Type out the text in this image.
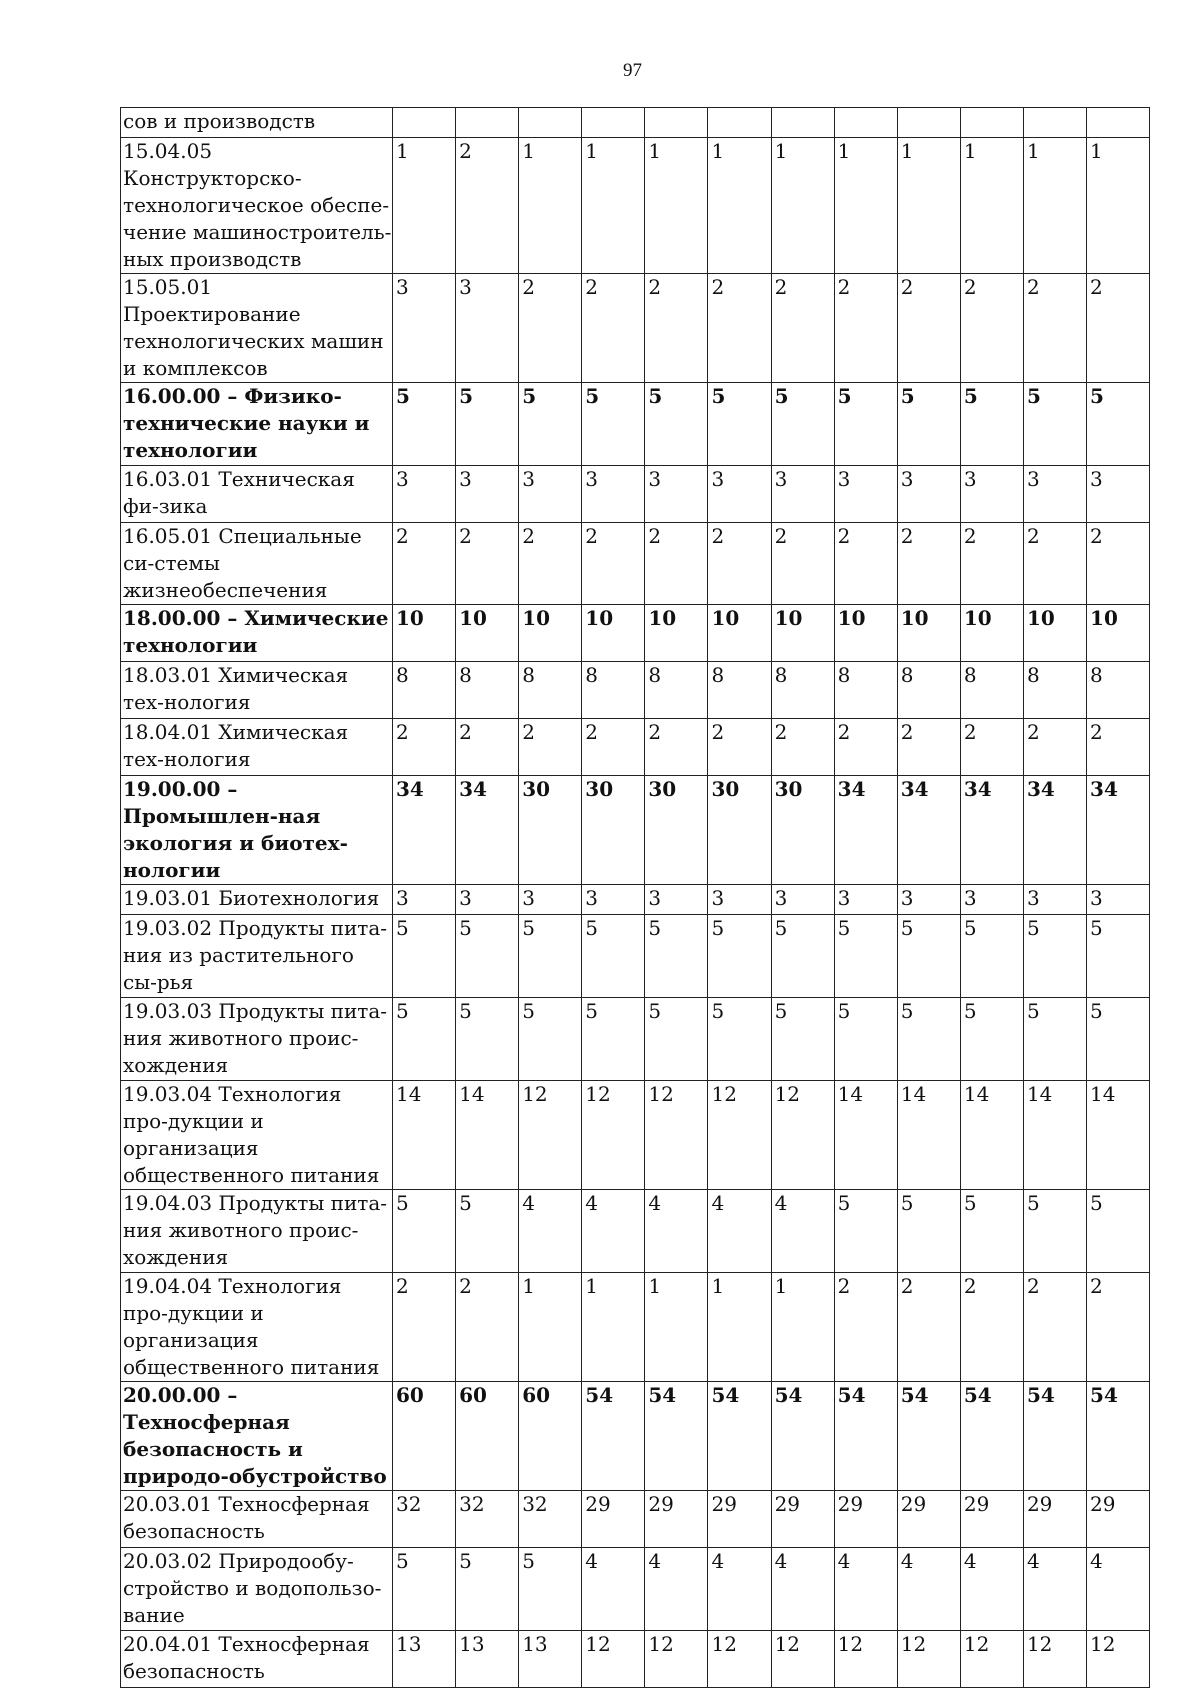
97
сов и производств												
15.04.05 Конструкторско-технологическое обеспе-чение машиностроитель-ных производств	1	2	1	1	1	1	1	1	1	1	1	1
15.05.01 Проектирование технологических машин и комплексов	3	3	2	2	2	2	2	2	2	2	2	2
16.00.00 – Физико-технические науки и технологии	5	5	5	5	5	5	5	5	5	5	5	5
16.03.01 Техническая фи-зика	3	3	3	3	3	3	3	3	3	3	3	3
16.05.01 Специальные си-стемы жизнеобеспечения	2	2	2	2	2	2	2	2	2	2	2	2
18.00.00 – Химические технологии	10	10	10	10	10	10	10	10	10	10	10	10
18.03.01 Химическая тех-нология	8	8	8	8	8	8	8	8	8	8	8	8
18.04.01 Химическая тех-нология	2	2	2	2	2	2	2	2	2	2	2	2
19.00.00 – Промышлен-ная экология и биотех-нологии	34	34	30	30	30	30	30	34	34	34	34	34
19.03.01 Биотехнология	3	3	3	3	3	3	3	3	3	3	3	3
19.03.02 Продукты пита-ния из растительного сы-рья	5	5	5	5	5	5	5	5	5	5	5	5
19.03.03 Продукты пита-ния животного проис-хождения	5	5	5	5	5	5	5	5	5	5	5	5
19.03.04 Технология про-дукции и организация общественного питания	14	14	12	12	12	12	12	14	14	14	14	14
19.04.03 Продукты пита-ния животного проис-хождения	5	5	4	4	4	4	4	5	5	5	5	5
19.04.04 Технология про-дукции и организация общественного питания	2	2	1	1	1	1	1	2	2	2	2	2
20.00.00 – Техносферная безопасность и природо-обустройство	60	60	60	54	54	54	54	54	54	54	54	54
20.03.01 Техносферная безопасность	32	32	32	29	29	29	29	29	29	29	29	29
20.03.02 Природообу-стройство и водопользо-вание	5	5	5	4	4	4	4	4	4	4	4	4
20.04.01 Техносферная безопасность	13	13	13	12	12	12	12	12	12	12	12	12
